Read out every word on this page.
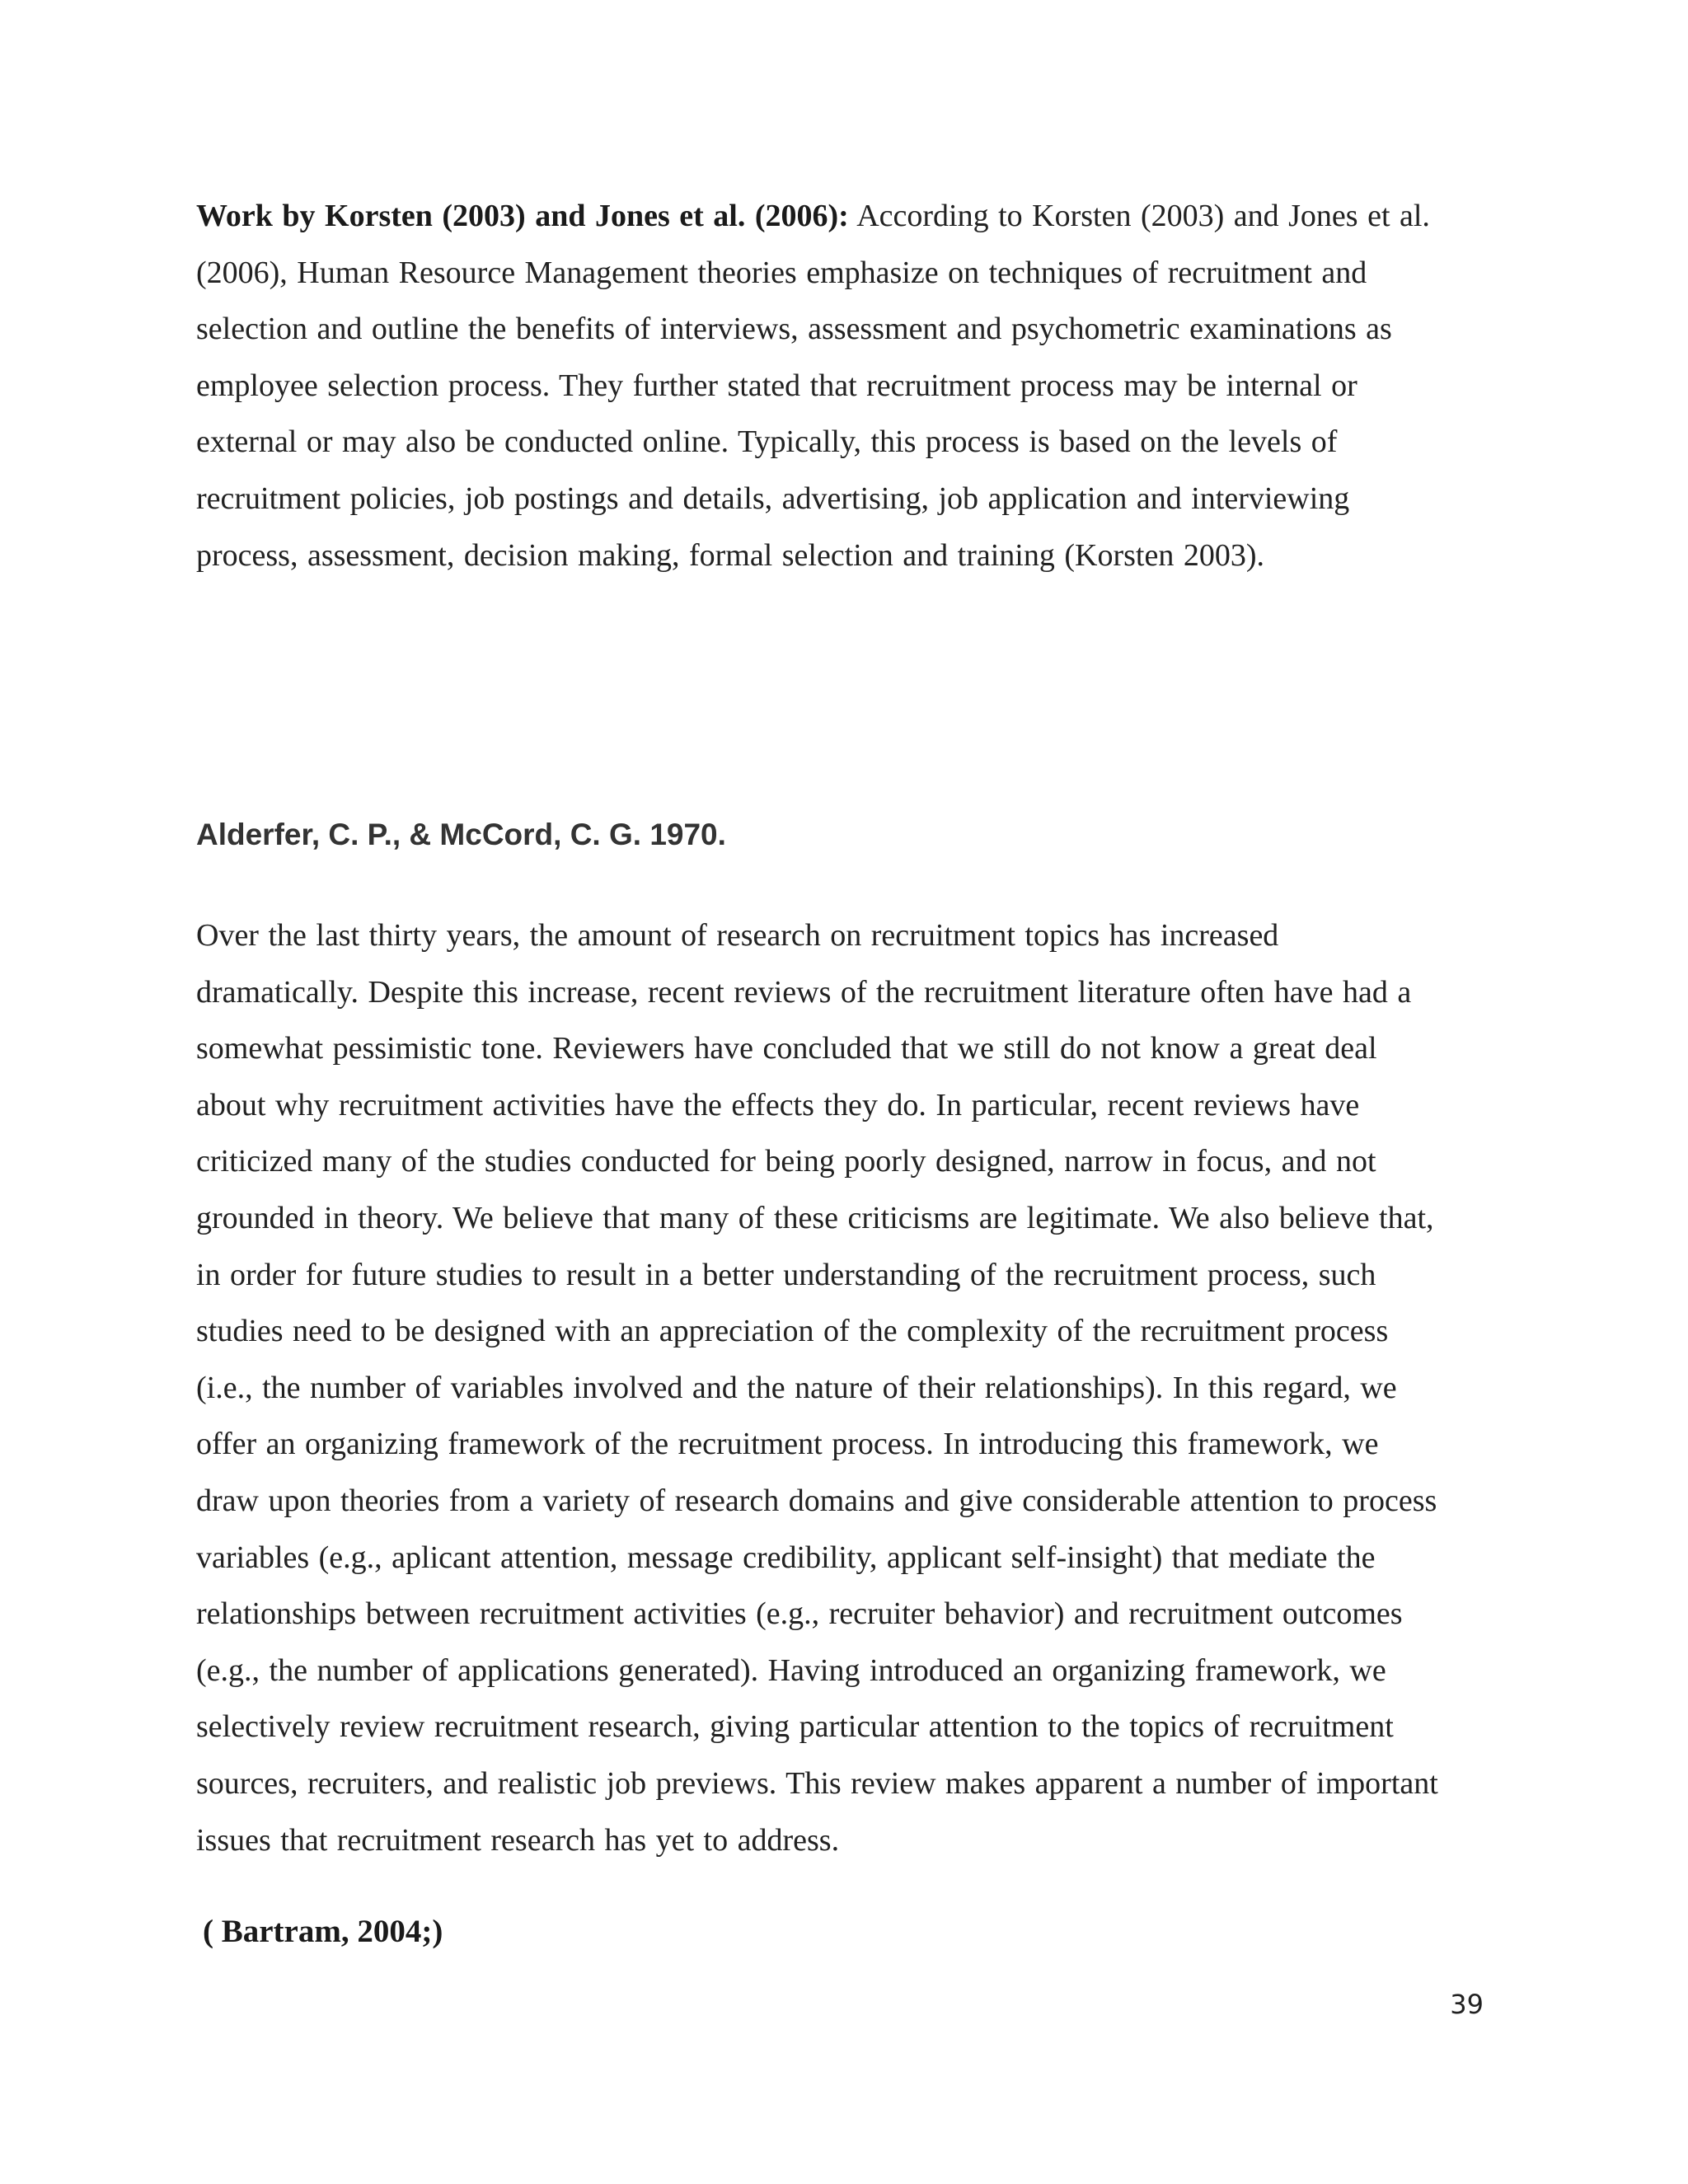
Work by Korsten (2003) and Jones et al. (2006): According to Korsten (2003) and Jones et al.
(2006), Human Resource Management theories emphasize on techniques of recruitment and
selection and outline the benefits of interviews, assessment and psychometric examinations as
employee selection process. They further stated that recruitment process may be internal or
external or may also be conducted online. Typically, this process is based on the levels of
recruitment policies, job postings and details, advertising, job application and interviewing
process, assessment, decision making, formal selection and training (Korsten 2003).
Alderfer, C. P., & McCord, C. G. 1970.
Over the last thirty years, the amount of research on recruitment topics has increased
dramatically. Despite this increase, recent reviews of the recruitment literature often have had a
somewhat pessimistic tone. Reviewers have concluded that we still do not know a great deal
about why recruitment activities have the effects they do. In particular, recent reviews have
criticized many of the studies conducted for being poorly designed, narrow in focus, and not
grounded in theory. We believe that many of these criticisms are legitimate. We also believe that,
in order for future studies to result in a better understanding of the recruitment process, such
studies need to be designed with an appreciation of the complexity of the recruitment process
(i.e., the number of variables involved and the nature of their relationships). In this regard, we
offer an organizing framework of the recruitment process. In introducing this framework, we
draw upon theories from a variety of research domains and give considerable attention to process
variables (e.g., aplicant attention, message credibility, applicant self-insight) that mediate the
relationships between recruitment activities (e.g., recruiter behavior) and recruitment outcomes
(e.g., the number of applications generated). Having introduced an organizing framework, we
selectively review recruitment research, giving particular attention to the topics of recruitment
sources, recruiters, and realistic job previews. This review makes apparent a number of important
issues that recruitment research has yet to address.
( Bartram, 2004;)
39
